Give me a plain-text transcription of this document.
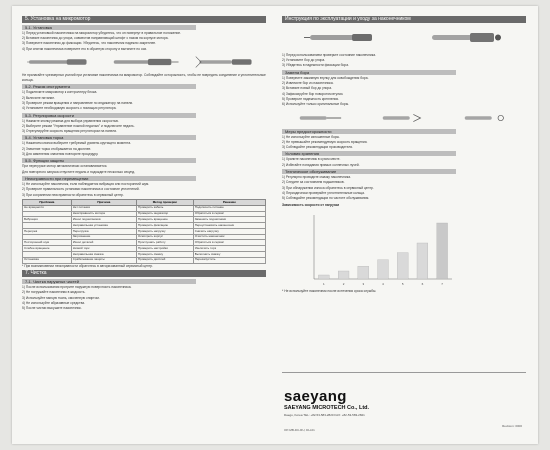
5. Установка на микромотор
5-1. Установка

1) Перед установкой наконечника на микромотор убедитесь, что он повернут в правильное положение.

2) Вставьте наконечник до упора, совместив направляющий штифт с пазом на корпусе мотора.

3) Поверните наконечник до фиксации. Убедитесь, что наконечник надежно закреплен.

4) При снятии наконечника поверните его в обратную сторону и вытяните по оси.

Не прилагайте чрезмерных усилий при установке наконечника на микромотор. Соблюдайте осторожность, чтобы не повредить соединение и уплотнительные кольца.
5-2. Режим инструмента

1) Подключите микромотор к контроллеру блока.

2) Включите питание.

3) Проверьте режим вращения и направление по индикатору на панели.

4) Установите необходимую скорость с помощью регулятора.

5-3. Регулировка скорости

1) Нажмите кнопку режима для выбора управления скоростью.

2) Выберите режим "Управление ножной педалью" и подключите педаль.

3) Отрегулируйте скорость вращения регулятором на панели.

5-4. Установка торка

1) Нажатием кнопки выберите требуемый уровень крутящего момента.

2) Значение торка отображается на дисплее.

3) Для изменения значения повторите процедуру.

5-5. Функции защиты

При перегрузке мотор автоматически останавливается.

Для повторного запуска отпустите педаль и подождите несколько секунд.

Неисправности при перемещении

1) Не используйте наконечник, если наблюдается вибрация или посторонний шум.

2) Проверьте правильность установки наконечника и состояние уплотнений.

3) При сохранении неисправности обратитесь в сервисный центр.

Проблема	Причина	Метод проверки	Решение
Не вращается	Нет питания	Проверить кабель	Подключить питание
	Неисправность мотора	Проверить индикатор	Обратиться в сервис
Вибрация	Износ подшипников	Проверить вращение	Заменить подшипники
	Неправильная установка	Проверить фиксацию	Переустановить наконечник
Перегрев	Перегрузка	Проверить нагрузку	Снизить нагрузку
	Загрязнение	Осмотреть корпус	Очистить наконечник
Посторонний шум	Износ деталей	Прослушать работу	Обратиться в сервис
Слабое вращение	Низкий торк	Проверить настройки	Увеличить торк
	Неправильная смазка	Проверить смазку	Выполнить смазку
Остановка	Срабатывание защиты	Проверить дисплей	Перезапустить
* При возникновении неисправности обратитесь в авторизованный сервисный центр.
7. Чистка
7-1. Чистка наружных частей

1) После использования протрите наружную поверхность наконечника.

2) Не погружайте наконечник в жидкость.

3) Используйте мягкую ткань, смоченную спиртом.

4) Не используйте абразивные средства.

5) После чистки высушите наконечник.

Инструкция по эксплуатации и уходу за наконечником

1) Перед использованием проверьте состояние наконечника.

2) Установите бор до упора.

3) Убедитесь в надежности фиксации бора.

Замена бора

1) Поверните зажимную втулку для освобождения бора.

2) Извлеките бор из наконечника.

3) Вставьте новый бор до упора.

4) Зафиксируйте бор поворотом втулки.

5) Проверьте надежность крепления.

6) Используйте только оригинальные боры.

Меры предосторожности

1) Не используйте изношенные боры.

2) Не превышайте рекомендуемую скорость вращения.

3) Соблюдайте рекомендации производителя.

Условия хранения

1) Храните наконечник в сухом месте.

2) Избегайте попадания прямых солнечных лучей.

Техническое обслуживание

1) Регулярно проводите смазку наконечника.

2) Следите за состоянием подшипников.

3) При обнаружении износа обратитесь в сервисный центр.

4) Периодически проверяйте уплотнительные кольца.

5) Соблюдайте рекомендации по частоте обслуживания.

Зависимость скорости от нагрузки
1	2	3	4	5	6	7
* Не используйте наконечник после истечения срока службы.
saeyang
SAEYANG MICROTECH Co., Ltd.
Daegu, Korea TEL: +82-53-583-2820 FAX: +82-53-583-2821
OP-MB-DC-RU, DH-01
Revision: 0000
